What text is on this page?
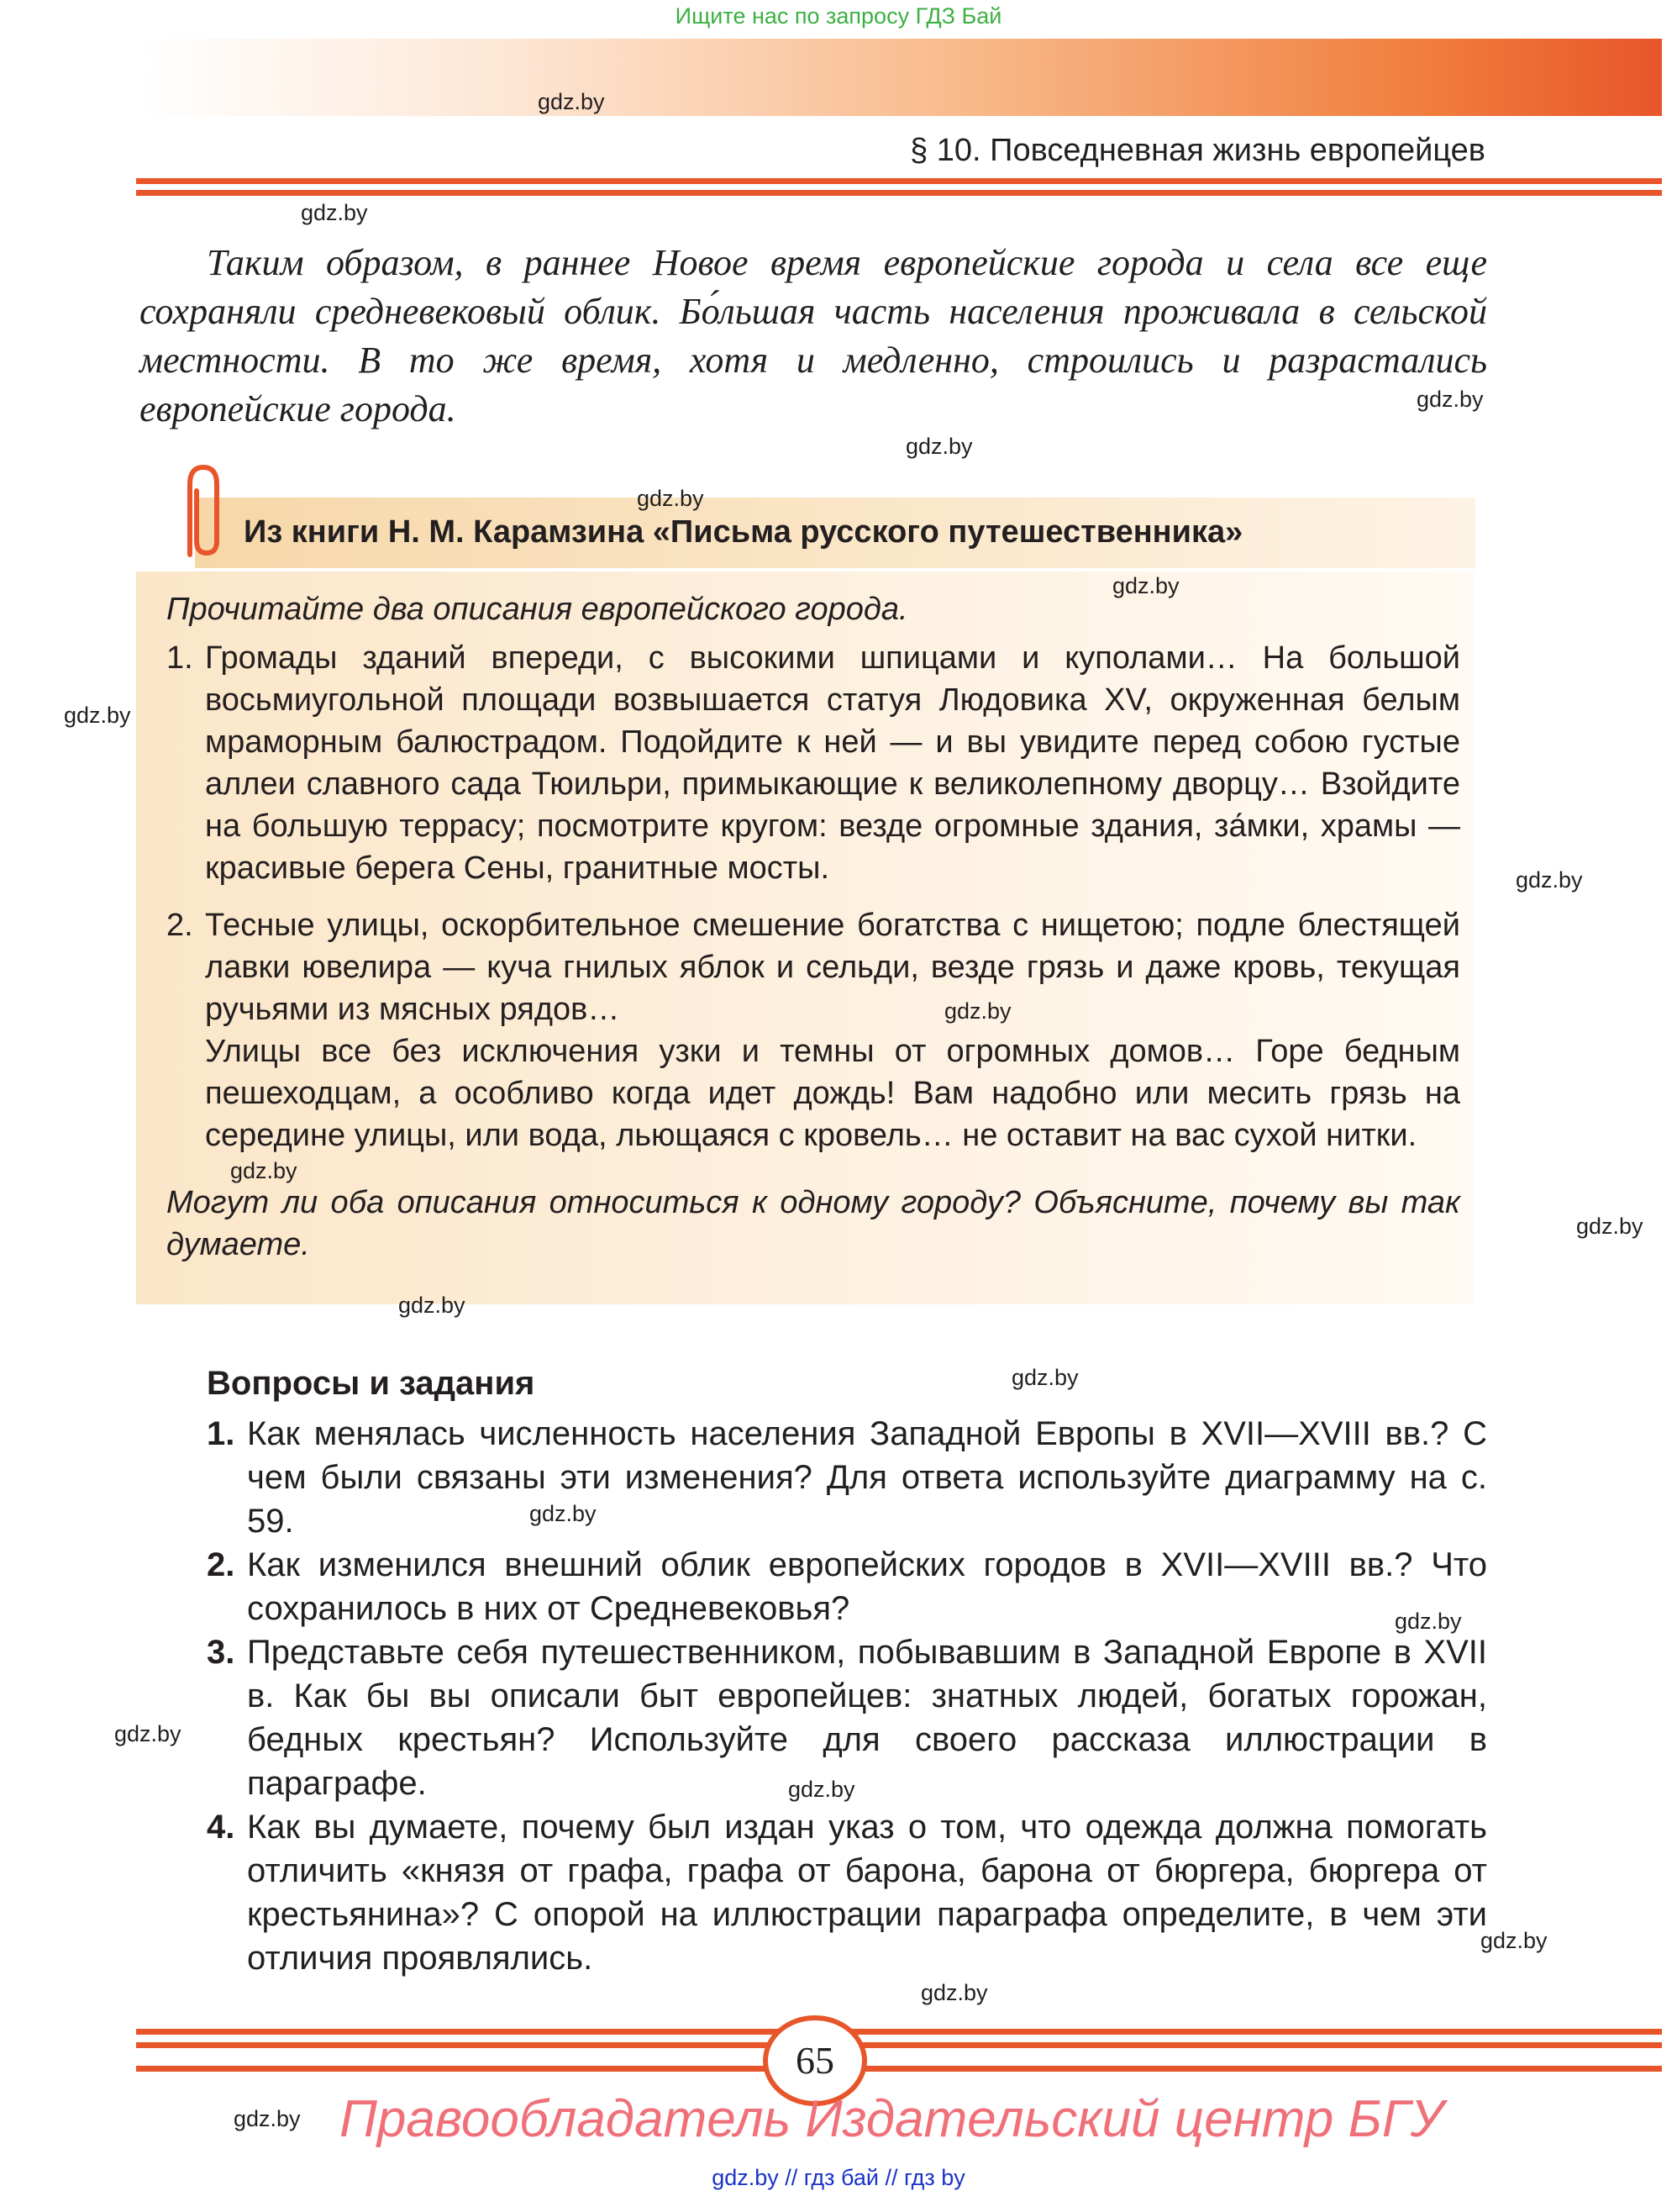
Ищите нас по запросу ГДЗ Бай
§ 10. Повседневная жизнь европейцев
Таким образом, в раннее Новое время европейские города и села все еще сохраняли средневековый облик. Бо́льшая часть населения проживала в сельской местности. В то же время, хотя и медленно, строились и разрастались европейские города.
Из книги Н. М. Карамзина «Письма русского путешественника»
Прочитайте два описания европейского города.
1. Громады зданий впереди, с высокими шпицами и куполами… На большой восьмиугольной площади возвышается статуя Людовика XV, окруженная белым мраморным балюстрадом. Подойдите к ней — и вы увидите перед собою густые аллеи славного сада Тюильри, примыкающие к великолепному дворцу… Взойдите на большую террасу; посмотрите кругом: везде огромные здания, за́мки, храмы — красивые берега Сены, гранитные мосты.
2. Тесные улицы, оскорбительное смешение богатства с нищетою; подле блестящей лавки ювелира — куча гнилых яблок и сельди, везде грязь и даже кровь, текущая ручьями из мясных рядов…
Улицы все без исключения узки и темны от огромных домов… Горе бедным пешеходцам, а особливо когда идет дождь! Вам надобно или месить грязь на середине улицы, или вода, льющаяся с кровель… не оставит на вас сухой нитки.
Могут ли оба описания относиться к одному городу? Объясните, почему вы так думаете.
Вопросы и задания
1. Как менялась численность населения Западной Европы в XVII—XVIII вв.? С чем были связаны эти изменения? Для ответа используйте диаграмму на с. 59.
2. Как изменился внешний облик европейских городов в XVII—XVIII вв.? Что сохранилось в них от Средневековья?
3. Представьте себя путешественником, побывавшим в Западной Европе в XVII в. Как бы вы описали быт европейцев: знатных людей, богатых горожан, бедных крестьян? Используйте для своего рассказа иллюстрации в параграфе.
4. Как вы думаете, почему был издан указ о том, что одежда должна помогать отличить «князя от графа, графа от барона, барона от бюргера, бюргера от крестьянина»? С опорой на иллюстрации параграфа определите, в чем эти отличия проявлялись.
65
Правообладатель Издательский центр БГУ
gdz.by // гдз бай // гдз by
gdz.by
gdz.by
gdz.by
gdz.by
gdz.by
gdz.by
gdz.by
gdz.by
gdz.by
gdz.by
gdz.by
gdz.by
gdz.by
gdz.by
gdz.by
gdz.by
gdz.by
gdz.by
gdz.by
gdz.by
